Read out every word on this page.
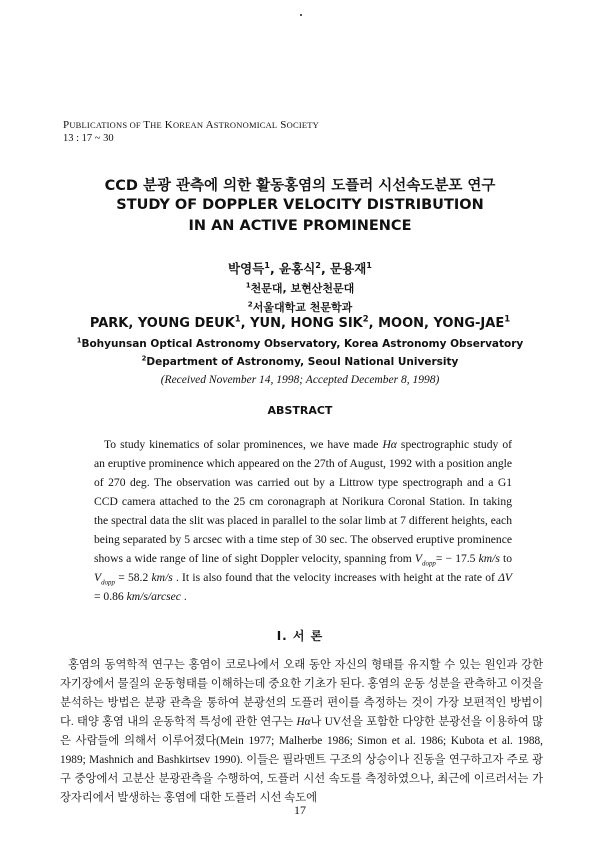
PUBLICATIONS OF THE KOREAN ASTRONOMICAL SOCIETY
13 : 17 ~ 30
CCD 분광 관측에 의한 활동홍염의 도플러 시선속도분포 연구
STUDY OF DOPPLER VELOCITY DISTRIBUTION IN AN ACTIVE PROMINENCE
박영득$^1$, 윤홍식$^2$, 문용재$^1$
$^1$천문대, 보현산천문대
$^2$서울대학교 천문학과
PARK, YOUNG DEUK$^1$, YUN, HONG SIK$^2$, MOON, YONG-JAE$^1$
$^1$Bohyunsan Optical Astronomy Observatory, Korea Astronomy Observatory
$^2$Department of Astronomy, Seoul National University
(Received November 14, 1998; Accepted December 8, 1998)
ABSTRACT

To study kinematics of solar prominences, we have made Hα spectrographic study of an eruptive prominence which appeared on the 27th of August, 1992 with a position angle of 270 deg. The observation was carried out by a Littrow type spectrograph and a G1 CCD camera attached to the 25 cm coronagraph at Norikura Coronal Station. In taking the spectral data the slit was placed in parallel to the solar limb at 7 different heights, each being separated by 5 arcsec with a time step of 30 sec. The observed eruptive prominence shows a wide range of line of sight Doppler velocity, spanning from $V_{dopp}= - 17.5$ km/s to $V_{dopp} = 58.2$ km/s . It is also found that the velocity increases with height at the rate of ΔV = 0.86 km/s/arcsec .

I. 서 론

홍염의 동역학적 연구는 홍염이 코로나에서 오래 동안 자신의 형태를 유지할 수 있는 원인과 강한 자기장에서 물질의 운동형태를 이해하는데 중요한 기초가 된다. 홍염의 운동 성분을 관측하고 이것을 분석하는 방법은 분광 관측을 통하여 분광선의 도플러 편이를 측정하는 것이 가장 보편적인 방법이다. 태양 홍염 내의 운동학적 특성에 관한 연구는 Hα나 UV선을 포함한 다양한 분광선을 이용하여 많은 사람들에 의해서 이루어졌다(Mein 1977; Malherbe 1986; Simon et al. 1986; Kubota et al. 1988, 1989; Mashnich and Bashkirtsev 1990). 이들은 필라멘트 구조의 상승이나 진동을 연구하고자 주로 광구 중앙에서 고분산 분광관측을 수행하여, 도플러 시선 속도를 측정하였으나, 최근에 이르러서는 가장자리에서 발생하는 홍염에 대한 도플러 시선 속도에

17
